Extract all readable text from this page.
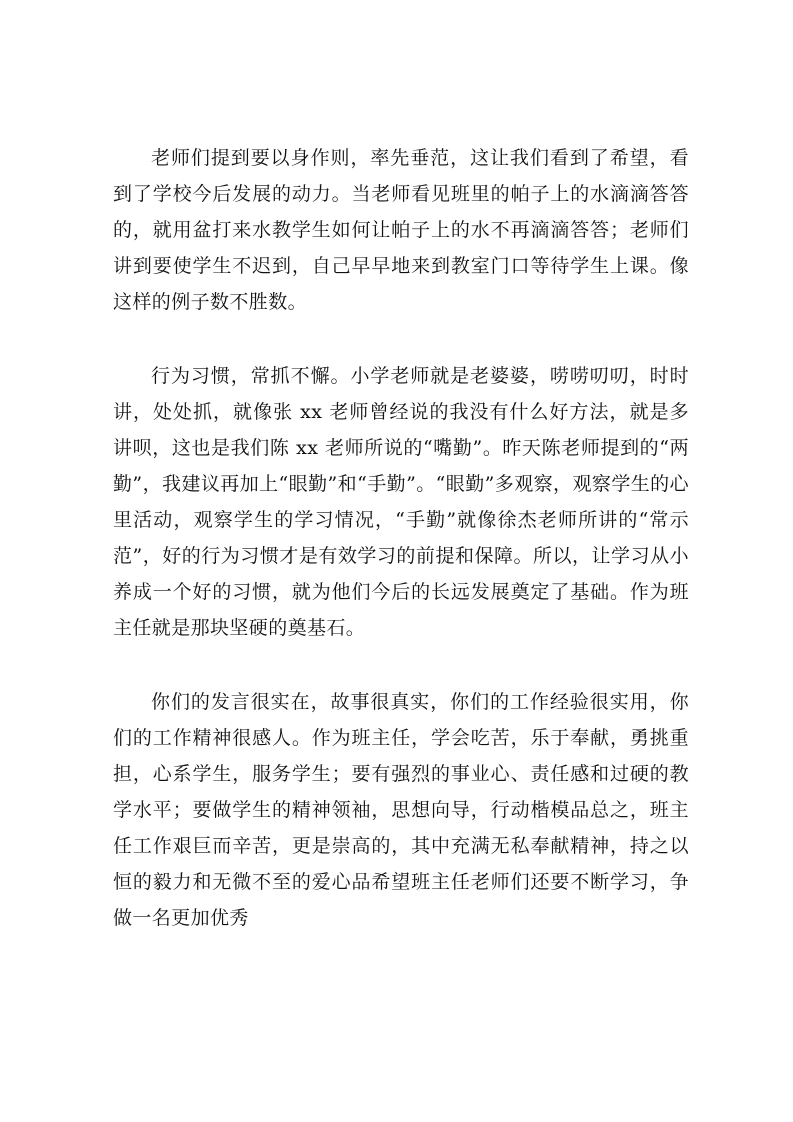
老师们提到要以身作则，率先垂范，这让我们看到了希望，看到了学校今后发展的动力。当老师看见班里的帕子上的水滴滴答答的，就用盆打来水教学生如何让帕子上的水不再滴滴答答；老师们讲到要使学生不迟到，自己早早地来到教室门口等待学生上课。像这样的例子数不胜数。

行为习惯，常抓不懈。小学老师就是老婆婆，唠唠叨叨，时时讲，处处抓，就像张 xx 老师曾经说的我没有什么好方法，就是多讲呗，这也是我们陈 xx 老师所说的“嘴勤”。昨天陈老师提到的“两勤”，我建议再加上“眼勤”和“手勤”。“眼勤”多观察，观察学生的心里活动，观察学生的学习情况，“手勤”就像徐杰老师所讲的“常示范”，好的行为习惯才是有效学习的前提和保障。所以，让学习从小养成一个好的习惯，就为他们今后的长远发展奠定了基础。作为班主任就是那块坚硬的奠基石。

你们的发言很实在，故事很真实，你们的工作经验很实用，你们的工作精神很感人。作为班主任，学会吃苦，乐于奉献，勇挑重担，心系学生，服务学生；要有强烈的事业心、责任感和过硬的教学水平；要做学生的精神领袖，思想向导，行动楷模品总之，班主任工作艰巨而辛苦，更是崇高的，其中充满无私奉献精神，持之以恒的毅力和无微不至的爱心品希望班主任老师们还要不断学习，争做一名更加优秀
